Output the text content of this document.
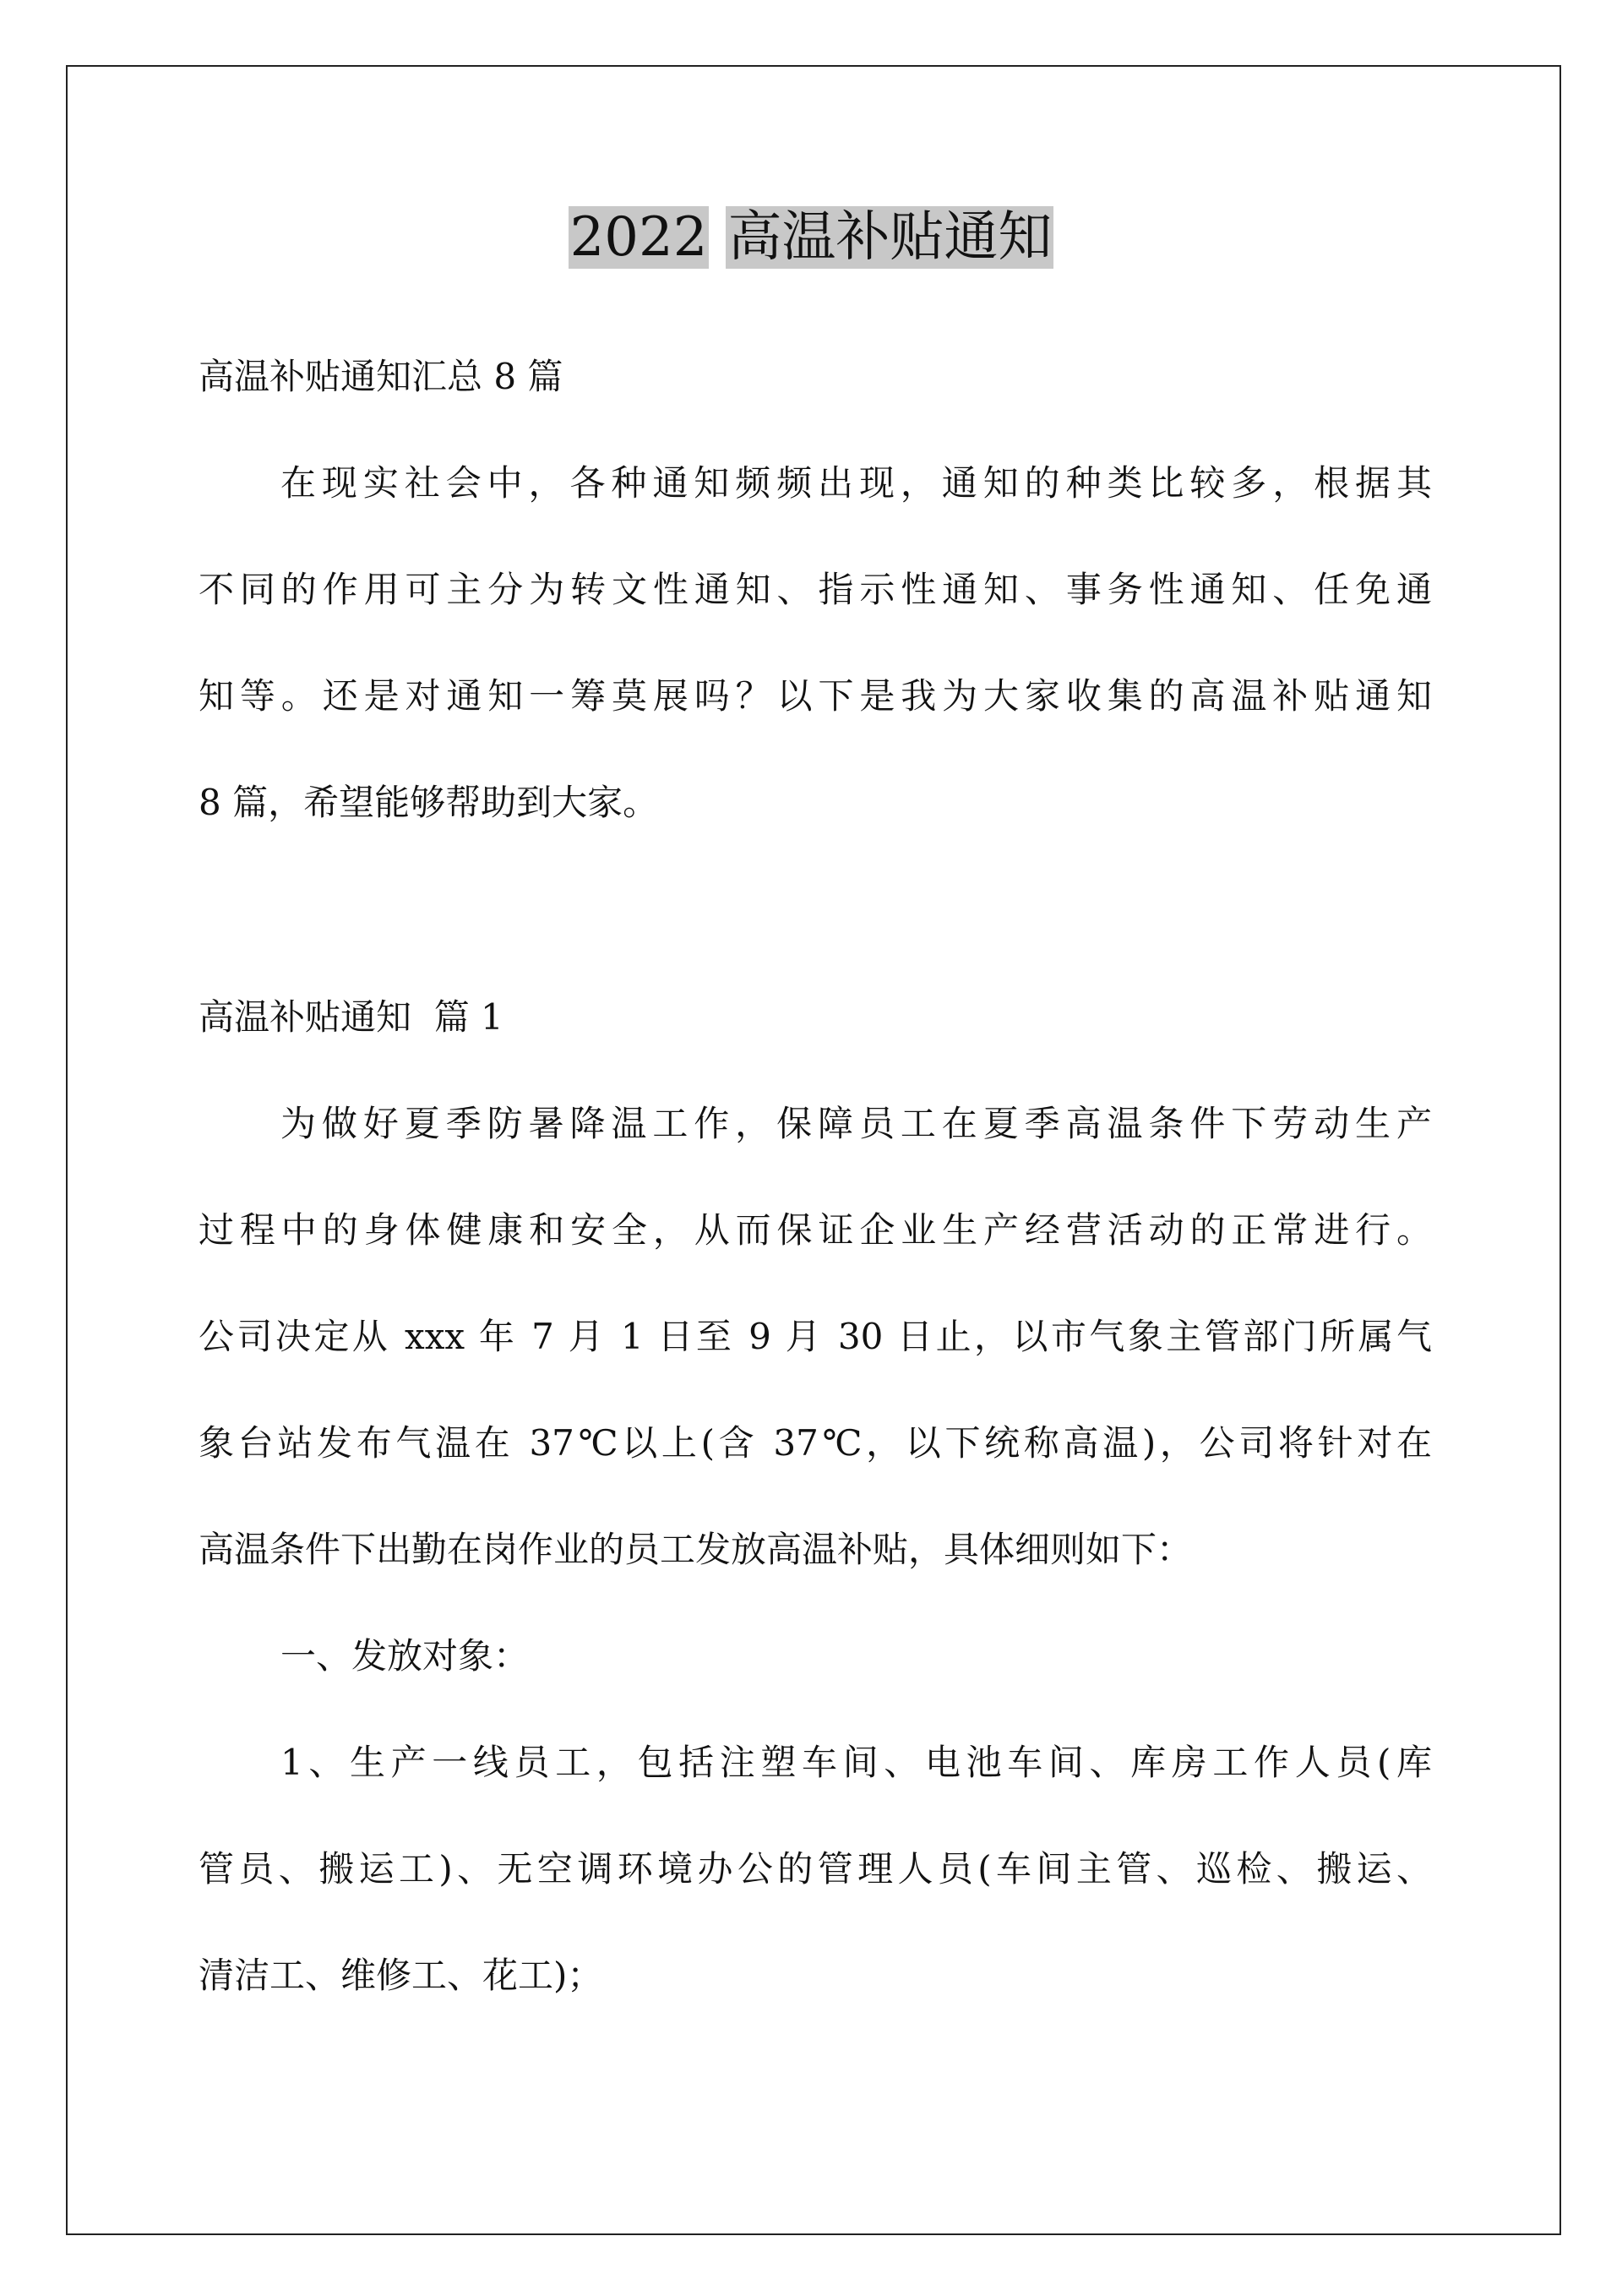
2022 高温补贴通知
高温补贴通知汇总 8 篇
在现实社会中，各种通知频频出现，通知的种类比较多，根据其
不同的作用可主分为转文性通知、指示性通知、事务性通知、任免通
知等。还是对通知一筹莫展吗？以下是我为大家收集的高温补贴通知
8 篇，希望能够帮助到大家。
高温补贴通知  篇 1
为做好夏季防暑降温工作，保障员工在夏季高温条件下劳动生产
过程中的身体健康和安全，从而保证企业生产经营活动的正常进行。
公司决定从 xxx 年 7 月 1 日至 9 月 30 日止，以市气象主管部门所属气
象台站发布气温在 37℃以上(含 37℃，以下统称高温)，公司将针对在
高温条件下出勤在岗作业的员工发放高温补贴，具体细则如下：
一、发放对象：
1、生产一线员工，包括注塑车间、电池车间、库房工作人员(库
管员、搬运工)、无空调环境办公的管理人员(车间主管、巡检、搬运、
清洁工、维修工、花工)；
